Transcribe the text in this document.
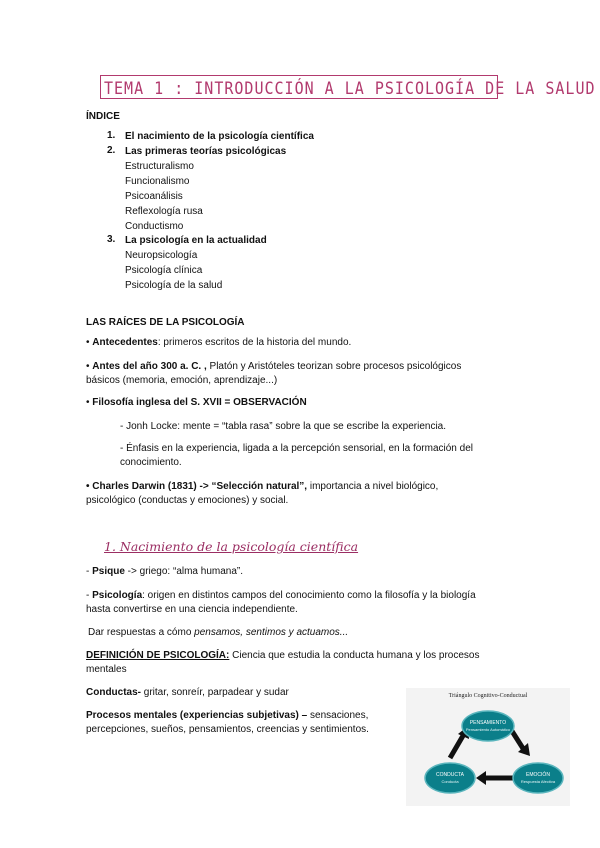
TEMA 1 : INTRODUCCIÓN A LA PSICOLOGÍA DE LA SALUD
ÍNDICE
1. El nacimiento de la psicología científica
2. Las primeras teorías psicológicas
Estructuralismo
Funcionalismo
Psicoanálisis
Reflexología rusa
Conductismo
3. La psicología en la actualidad
Neuropsicología
Psicología clínica
Psicología de la salud
LAS RAÍCES DE LA PSICOLOGÍA
• Antecedentes: primeros escritos de la historia del mundo.
• Antes del año 300 a. C. , Platón y Aristóteles teorizan sobre procesos psicológicos
básicos (memoria, emoción, aprendizaje...)
• Filosofía inglesa del S. XVII = OBSERVACIÓN
- Jonh Locke: mente = “tabla rasa” sobre la que se escribe la experiencia.
- Énfasis en la experiencia, ligada a la percepción sensorial, en la formación del
conocimiento.
• Charles Darwin (1831) -> “Selección natural”, importancia a nivel biológico,
psicológico (conductas y emociones) y social.
1. Nacimiento de la psicología científica
- Psique -> griego: “alma humana”.
- Psicología: origen en distintos campos del conocimiento como la filosofía y la biología
hasta convertirse en una ciencia independiente.
Dar respuestas a cómo pensamos, sentimos y actuamos...
DEFINICIÓN DE PSICOLOGÍA: Ciencia que estudia la conducta humana y los procesos
mentales
Conductas- gritar, sonreír, parpadear y sudar
Procesos mentales (experiencias subjetivas) – sensaciones,
percepciones, sueños, pensamientos, creencias y sentimientos.
Triángulo Cognitivo-Conductual
PENSAMIENTO
Pensamiento Automático
EMOCIÓN
Respuesta Afectiva
CONDUCTA
Conducta
